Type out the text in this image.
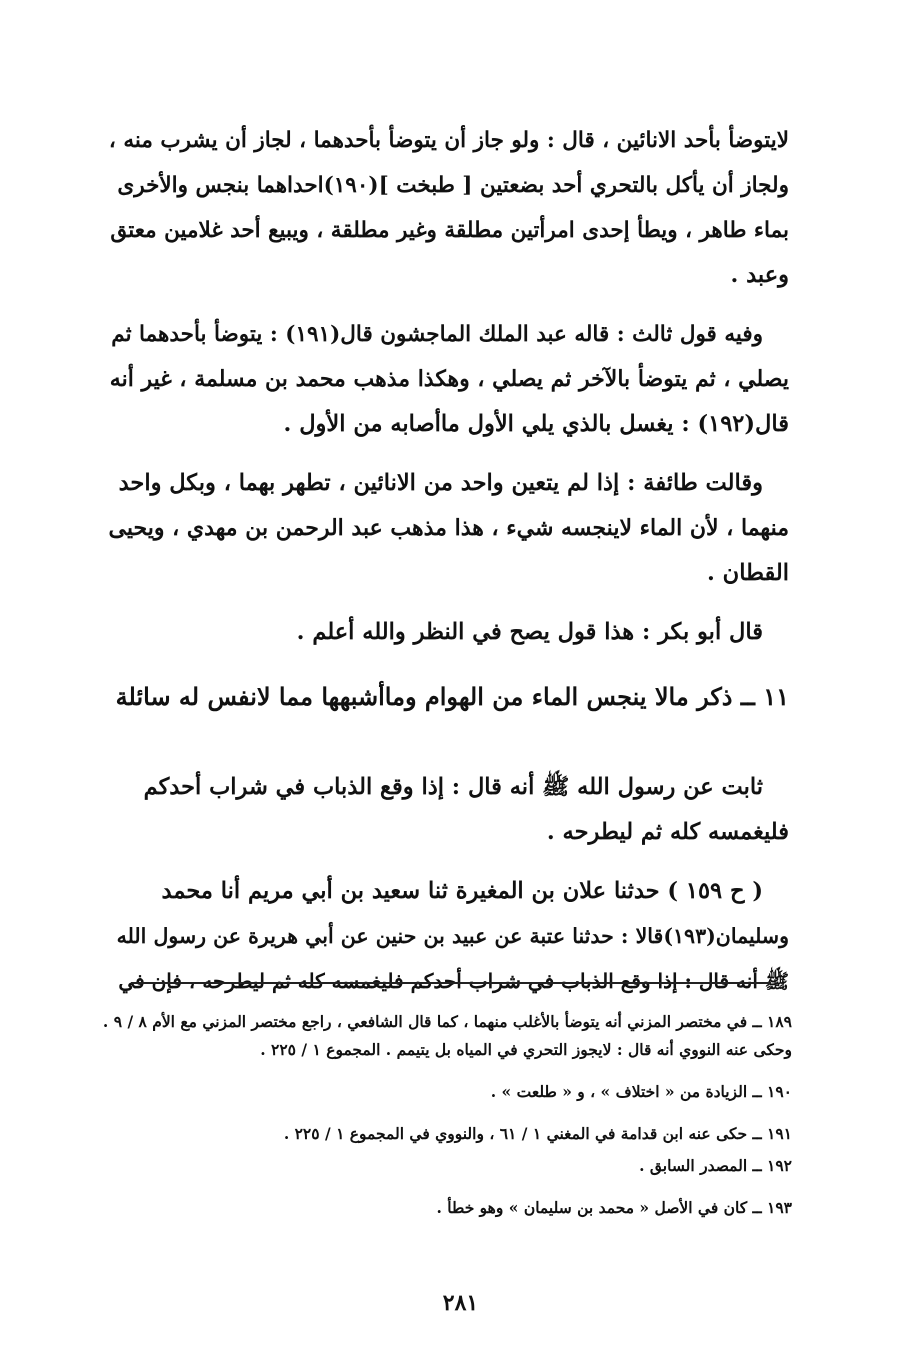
لايتوضأ بأحد الانائين ، قال : ولو جاز أن يتوضأ بأحدهما ، لجاز أن يشرب منه ،
ولجاز أن يأكل بالتحري أحد بضعتين [ طبخت ](١٩٠)احداهما بنجس والأخرى
بماء طاهر ، ويطأ إحدى امرأتين مطلقة وغير مطلقة ، ويبيع أحد غلامين معتق
وعبد .
وفيه قول ثالث : قاله عبد الملك الماجشون قال(١٩١) : يتوضأ بأحدهما ثم
يصلي ، ثم يتوضأ بالآخر ثم يصلي ، وهكذا مذهب محمد بن مسلمة ، غير أنه
قال(١٩٢) : يغسل بالذي يلي الأول ماأصابه من الأول .
وقالت طائفة : إذا لم يتعين واحد من الانائين ، تطهر بهما ، وبكل واحد
منهما ، لأن الماء لاينجسه شيء ، هذا مذهب عبد الرحمن بن مهدي ، ويحيى
القطان .
قال أبو بكر : هذا قول يصح في النظر والله أعلم .
١١ ــ ذكر مالا ينجس الماء من الهوام وماأشبهها مما لانفس له سائلة
ثابت عن رسول الله ﷺ أنه قال : إذا وقع الذباب في شراب أحدكم
فليغمسه كله ثم ليطرحه .
( ح ١٥٩ ) حدثنا علان بن المغيرة ثنا سعيد بن أبي مريم أنا محمد
وسليمان(١٩٣)قالا : حدثنا عتبة عن عبيد بن حنين عن أبي هريرة عن رسول الله
ﷺ أنه قال : إذا وقع الذباب في شراب أحدكم فليغمسه كله ثم ليطرحه ، فإن في
١٨٩ ــ في مختصر المزني أنه يتوضأ بالأغلب منهما ، كما قال الشافعي ، راجع مختصر المزني مع الأم ٨ / ٩ .
وحكى عنه النووي أنه قال : لايجوز التحري في المياه بل يتيمم . المجموع ١ / ٢٢٥ .
١٩٠ ــ الزيادة من « اختلاف » ، و « طلعت » .
١٩١ ــ حكى عنه ابن قدامة في المغني ١ / ٦١ ، والنووي في المجموع ١ / ٢٢٥ .
١٩٢ ــ المصدر السابق .
١٩٣ ــ كان في الأصل « محمد بن سليمان » وهو خطأ .
٢٨١
